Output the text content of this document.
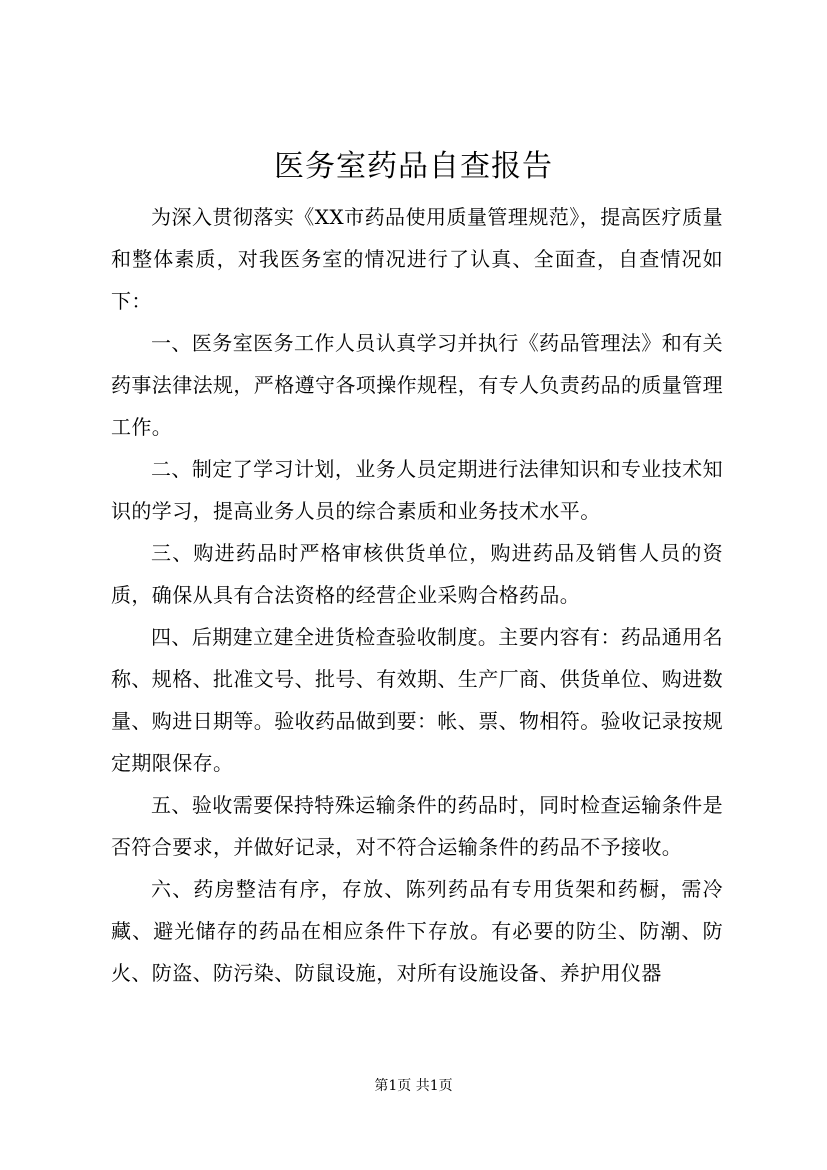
医务室药品自查报告

为深入贯彻落实《XX市药品使用质量管理规范》，提高医疗质量和整体素质，对我医务室的情况进行了认真、全面查，自查情况如下：

一、医务室医务工作人员认真学习并执行《药品管理法》和有关药事法律法规，严格遵守各项操作规程，有专人负责药品的质量管理工作。

二、制定了学习计划，业务人员定期进行法律知识和专业技术知识的学习，提高业务人员的综合素质和业务技术水平。

三、购进药品时严格审核供货单位，购进药品及销售人员的资质，确保从具有合法资格的经营企业采购合格药品。

四、后期建立建全进货检查验收制度。主要内容有：药品通用名称、规格、批准文号、批号、有效期、生产厂商、供货单位、购进数量、购进日期等。验收药品做到要：帐、票、物相符。验收记录按规定期限保存。

五、验收需要保持特殊运输条件的药品时，同时检查运输条件是否符合要求，并做好记录，对不符合运输条件的药品不予接收。

六、药房整洁有序，存放、陈列药品有专用货架和药橱，需冷藏、避光储存的药品在相应条件下存放。有必要的防尘、防潮、防火、防盗、防污染、防鼠设施，对所有设施设备、养护用仪器

第1页 共1页
